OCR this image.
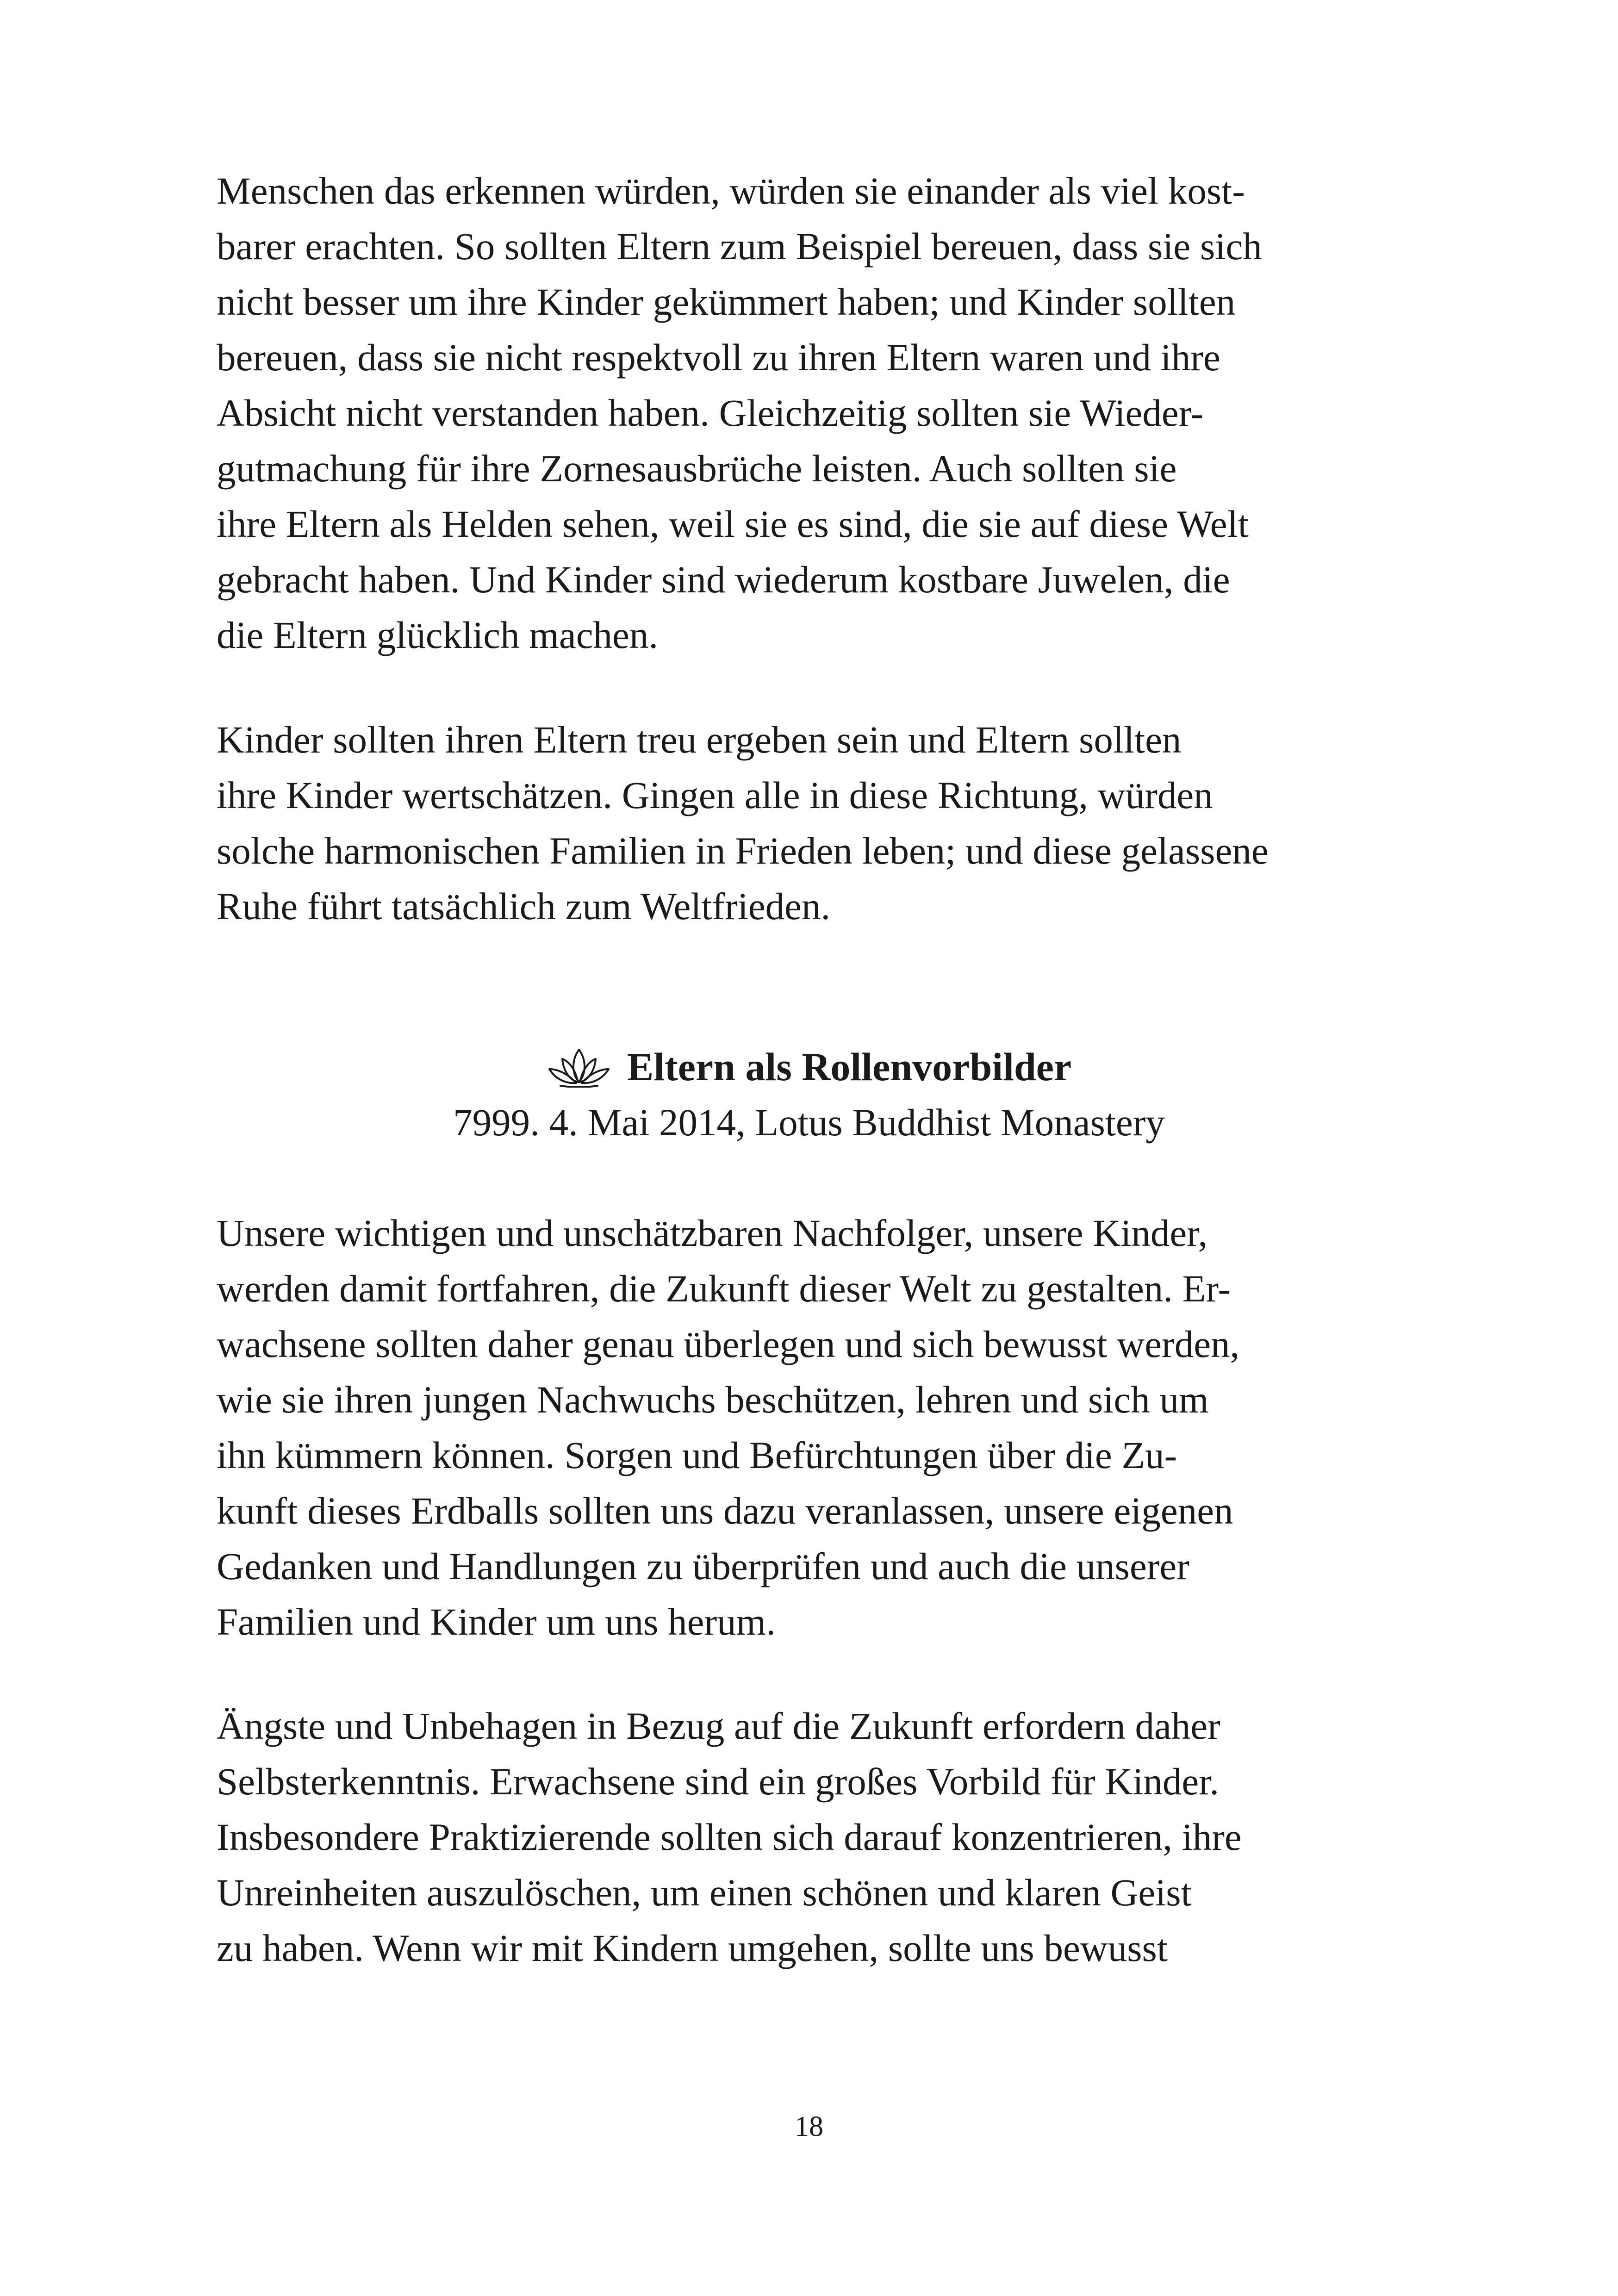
Menschen das erkennen würden, würden sie einander als viel kost-
barer erachten. So sollten Eltern zum Beispiel bereuen, dass sie sich
nicht besser um ihre Kinder gekümmert haben; und Kinder sollten
bereuen, dass sie nicht respektvoll zu ihren Eltern waren und ihre
Absicht nicht verstanden haben. Gleichzeitig sollten sie Wieder-
gutmachung für ihre Zornesausbrüche leisten. Auch sollten sie
ihre Eltern als Helden sehen, weil sie es sind, die sie auf diese Welt
gebracht haben. Und Kinder sind wiederum kostbare Juwelen, die
die Eltern glücklich machen.
Kinder sollten ihren Eltern treu ergeben sein und Eltern sollten
ihre Kinder wertschätzen. Gingen alle in diese Richtung, würden
solche harmonischen Familien in Frieden leben; und diese gelassene
Ruhe führt tatsächlich zum Weltfrieden.
Eltern als Rollenvorbilder
7999. 4. Mai 2014, Lotus Buddhist Monastery
Unsere wichtigen und unschätzbaren Nachfolger, unsere Kinder,
werden damit fortfahren, die Zukunft dieser Welt zu gestalten. Er-
wachsene sollten daher genau überlegen und sich bewusst werden,
wie sie ihren jungen Nachwuchs beschützen, lehren und sich um
ihn kümmern können. Sorgen und Befürchtungen über die Zu-
kunft dieses Erdballs sollten uns dazu veranlassen, unsere eigenen
Gedanken und Handlungen zu überprüfen und auch die unserer
Familien und Kinder um uns herum.
Ängste und Unbehagen in Bezug auf die Zukunft erfordern daher
Selbsterkenntnis. Erwachsene sind ein großes Vorbild für Kinder.
Insbesondere Praktizierende sollten sich darauf konzentrieren, ihre
Unreinheiten auszulöschen, um einen schönen und klaren Geist
zu haben. Wenn wir mit Kindern umgehen, sollte uns bewusst
18
